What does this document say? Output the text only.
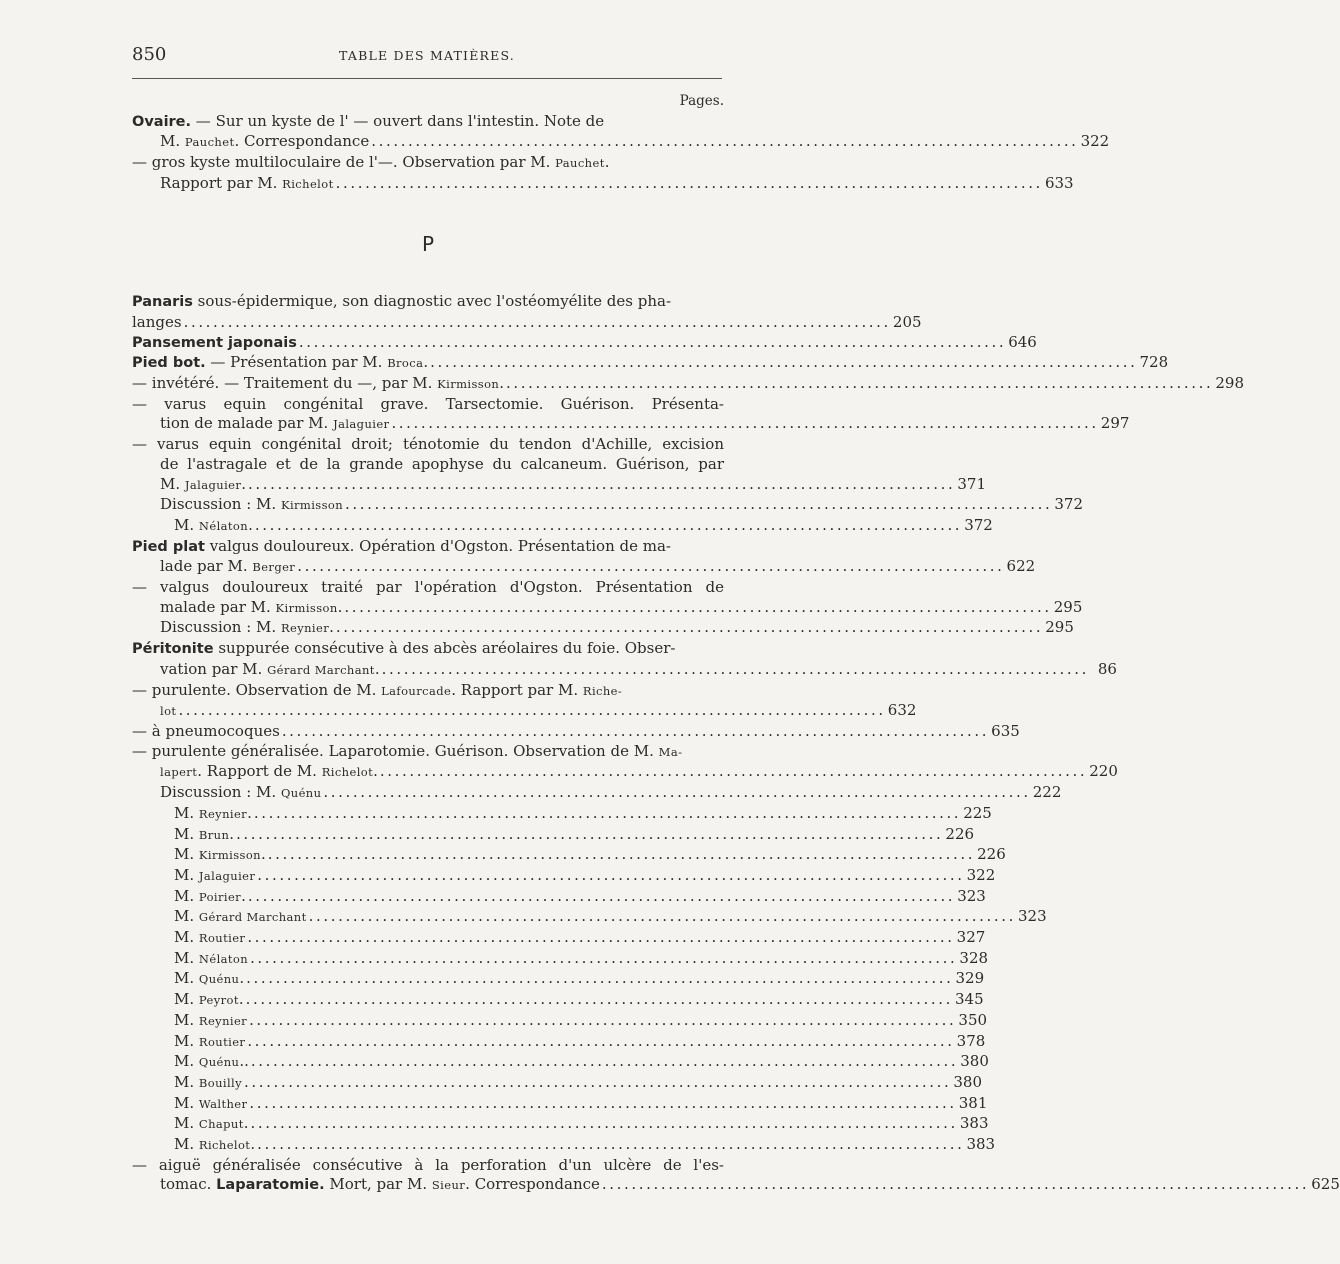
850	TABLE DES MATIÈRES.
Pages.
Ovaire. — Sur un kyste de l' — ouvert dans l'intestin. Note de
M. Pauchet. Correspondance ................................................................................................ 322
— gros kyste multiloculaire de l'—. Observation par M. Pauchet.
Rapport par M. Richelot ................................................................................................ 633
P
Panaris sous-épidermique, son diagnostic avec l'ostéomyélite des pha-
langes ................................................................................................ 205
Pansement japonais ................................................................................................ 646
Pied bot. — Présentation par M. Broca. ................................................................................................ 728
— invétéré. — Traitement du —, par M. Kirmisson. ................................................................................................ 298
— varus equin congénital grave. Tarsectomie. Guérison. Présenta-
tion de malade par M. Jalaguier ................................................................................................ 297
— varus equin congénital droit; ténotomie du tendon d'Achille, excision
de l'astragale et de la grande apophyse du calcaneum. Guérison, par
M. Jalaguier. ................................................................................................ 371
Discussion : M. Kirmisson ................................................................................................ 372
M. Nélaton. ................................................................................................ 372
Pied plat valgus douloureux. Opération d'Ogston. Présentation de ma-
lade par M. Berger ................................................................................................ 622
— valgus douloureux traité par l'opération d'Ogston. Présentation de
malade par M. Kirmisson. ................................................................................................ 295
Discussion : M. Reynier. ................................................................................................ 295
Péritonite suppurée consécutive à des abcès aréolaires du foie. Obser-
vation par M. Gérard Marchant. ................................................................................................ 86
— purulente. Observation de M. Lafourcade. Rapport par M. Riche-
lot ................................................................................................ 632
— à pneumocoques ................................................................................................ 635
— purulente généralisée. Laparotomie. Guérison. Observation de M. Ma-
lapert. Rapport de M. Richelot. ................................................................................................ 220
Discussion : M. Quénu ................................................................................................ 222
M. Reynier. ................................................................................................ 225
M. Brun. ................................................................................................ 226
M. Kirmisson. ................................................................................................ 226
M. Jalaguier ................................................................................................ 322
M. Poirier. ................................................................................................ 323
M. Gérard Marchant ................................................................................................ 323
M. Routier ................................................................................................ 327
M. Nélaton ................................................................................................ 328
M. Quénu. ................................................................................................ 329
M. Peyrot. ................................................................................................ 345
M. Reynier ................................................................................................ 350
M. Routier ................................................................................................ 378
M. Quénu.. ................................................................................................ 380
M. Bouilly ................................................................................................ 380
M. Walther ................................................................................................ 381
M. Chaput. ................................................................................................ 383
M. Richelot. ................................................................................................ 383
— aiguë généralisée consécutive à la perforation d'un ulcère de l'es-
tomac. Laparatomie. Mort, par M. Sieur. Correspondance ................................................................................................ 625
